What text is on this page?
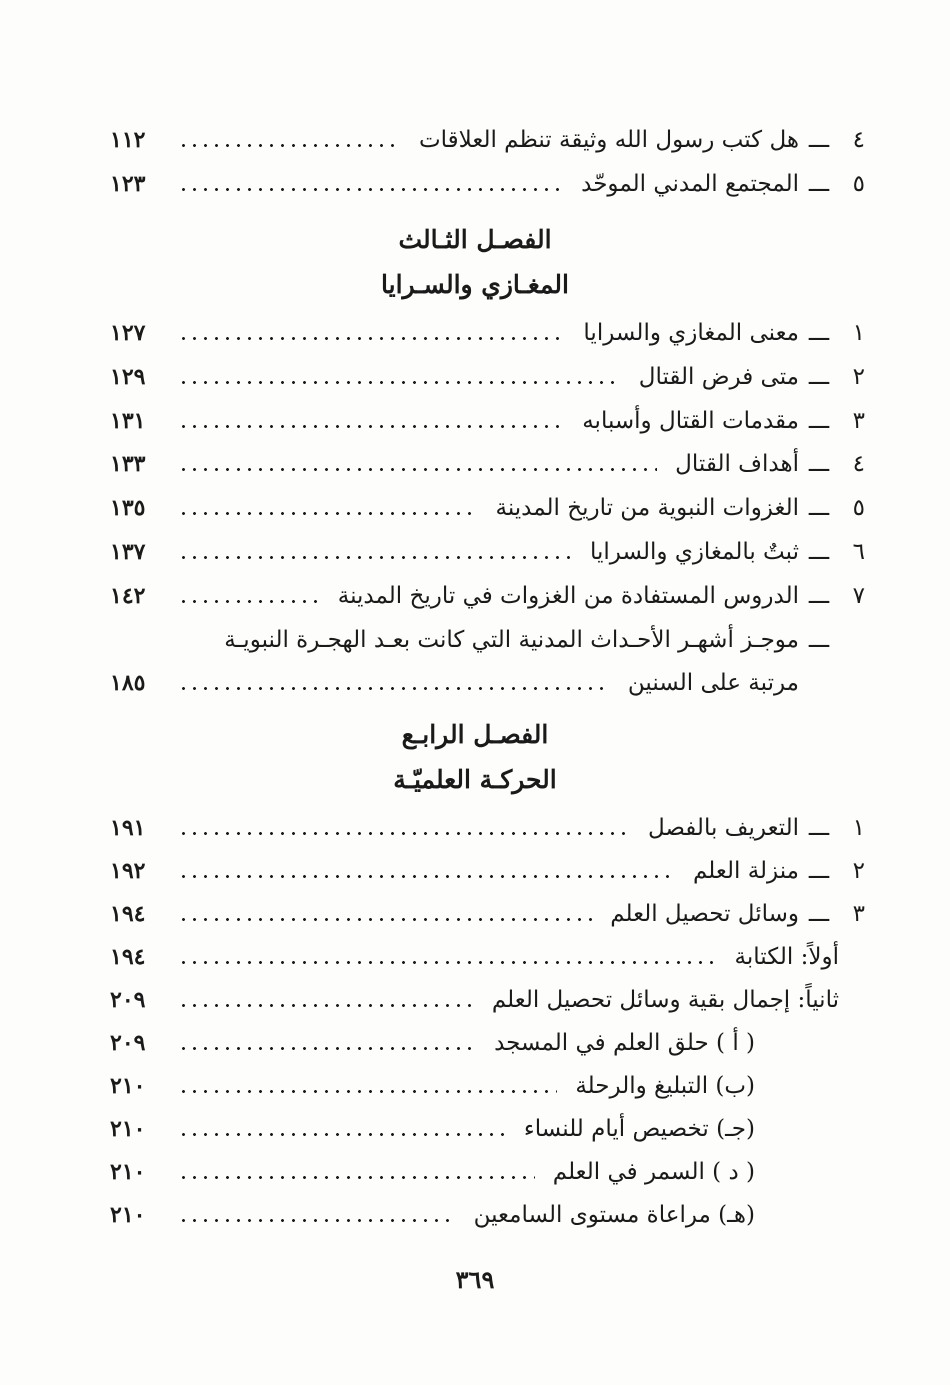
٤
ـــ
هل كتب رسول الله وثيقة تنظم العلاقات
١١٢
٥
ـــ
المجتمع المدني الموحّد
١٢٣
الفصـل الثـالث
المغـازي والسـرايا
١
ـــ
معنى المغازي والسرايا
١٢٧
٢
ـــ
متى فرض القتال
١٢٩
٣
ـــ
مقدمات القتال وأسبابه
١٣١
٤
ـــ
أهداف القتال
١٣٣
٥
ـــ
الغزوات النبوية من تاريخ المدينة
١٣٥
٦
ـــ
ثبتٌ بالمغازي والسرايا
١٣٧
٧
ـــ
الدروس المستفادة من الغزوات في تاريخ المدينة
١٤٢
ـــ
موجـز أشهـر الأحـداث المدنية التي كانت بعـد الهجـرة النبويـة
مرتبة على السنين
١٨٥
الفصـل الرابـع
الحركـة العلميّـة
١
ـــ
التعريف بالفصل
١٩١
٢
ـــ
منزلة العلم
١٩٢
٣
ـــ
وسائل تحصيل العلم
١٩٤
أولاً: الكتابة
١٩٤
ثانياً: إجمال بقية وسائل تحصيل العلم
٢٠٩
( أ ) حلق العلم في المسجد
٢٠٩
(ب) التبليغ والرحلة
٢١٠
(جـ) تخصيص أيام للنساء
٢١٠
( د ) السمر في العلم
٢١٠
(هـ) مراعاة مستوى السامعين
٢١٠
٣٦٩
